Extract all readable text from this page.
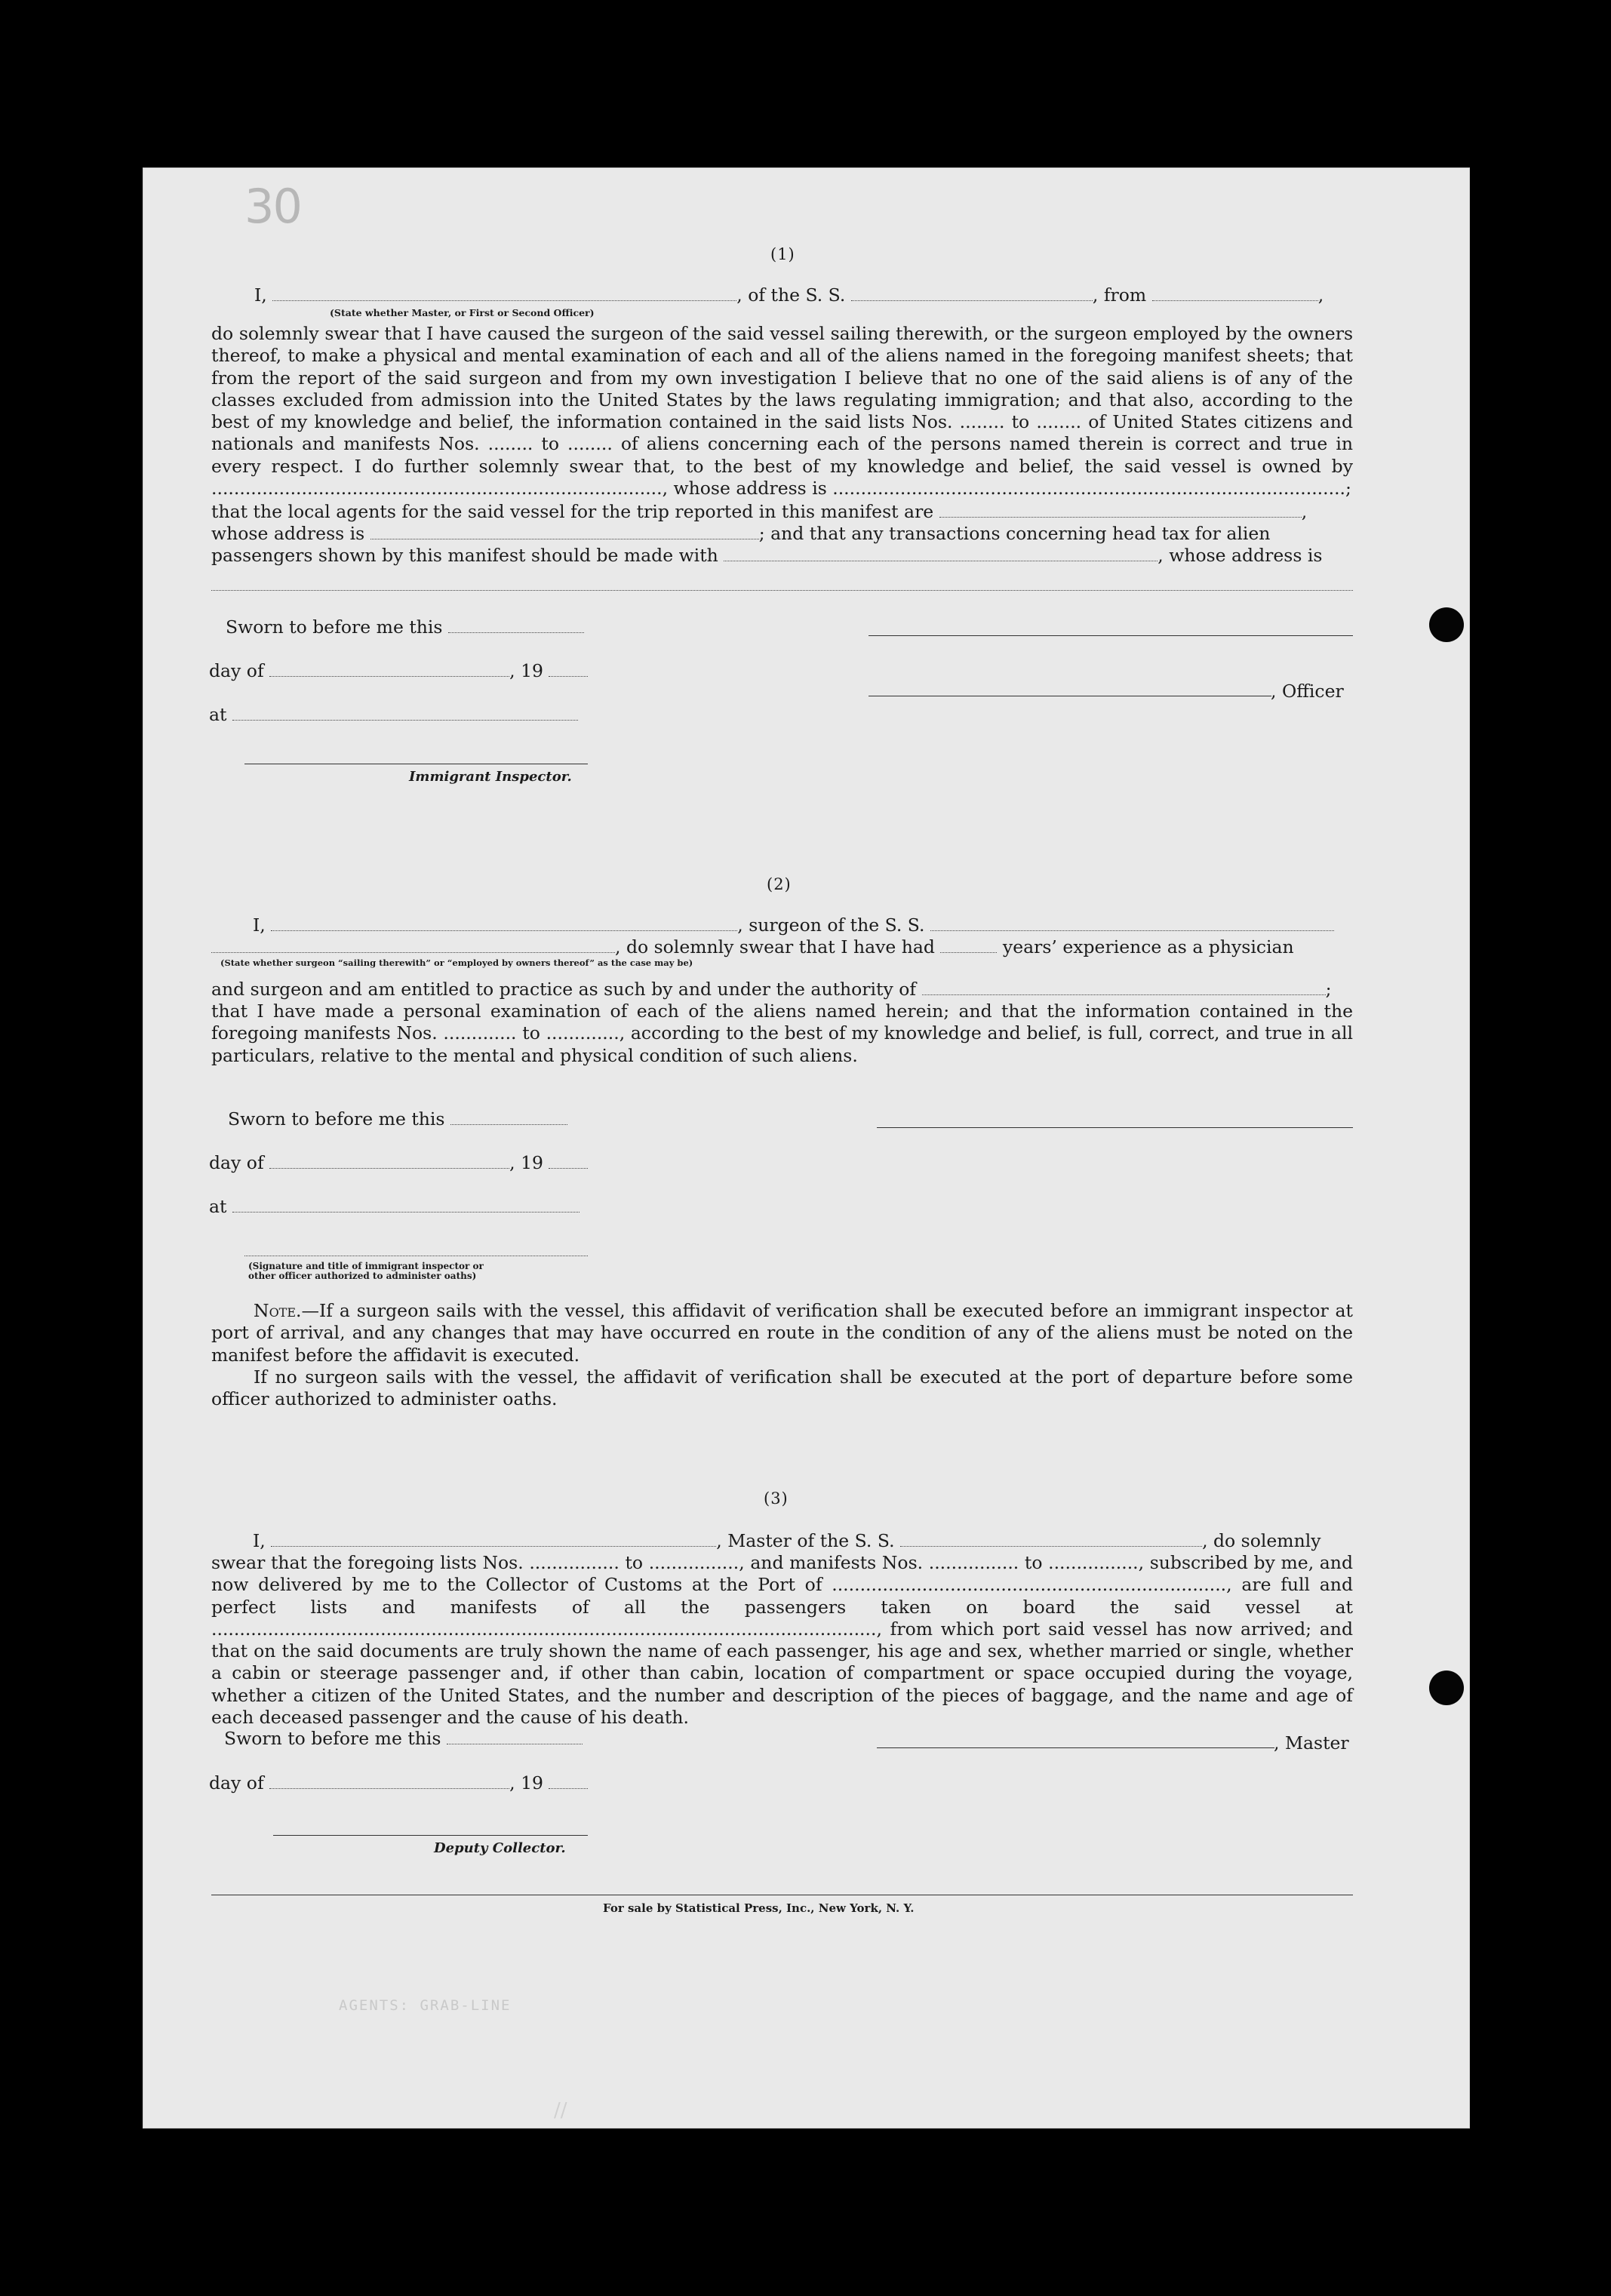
30
(1)
I,	, of the S. S.	, from	,
(State whether Master, or First or Second Officer)

do solemnly swear that I have caused the surgeon of the said vessel sailing therewith, or the surgeon employed by the owners thereof, to make a physical and mental examination of each and all of the aliens named in the foregoing manifest sheets; that from the report of the said surgeon and from my own investigation I believe that no one of the said aliens is of any of the classes excluded from admission into the United States by the laws regulating immigration; and that also, according to the best of my knowledge and belief, the information contained in the said lists Nos. ........ to ........ of United States citizens and nationals and manifests Nos. ........ to ........ of aliens concerning each of the persons named therein is correct and true in every respect. I do further solemnly swear that, to the best of my knowledge and belief, the said vessel is owned by ................................................................................, whose address is ...........................................................................................;

that the local agents for the said vessel for the trip reported in this manifest are	,
whose address is	; and that any transactions concerning head tax for alien
passengers shown by this manifest should be made with	, whose address is
Sworn to before me this
day of	, 19
, Officer
at
Immigrant Inspector.
(2)
I,	, surgeon of the S. S.
, do solemnly swear that I have had	years’ experience as a physician
(State whether surgeon “sailing therewith” or “employed by owners thereof” as the case may be)
and surgeon and am entitled to practice as such by and under the authority of	;

that I have made a personal examination of each of the aliens named herein; and that the information contained in the foregoing manifests Nos. ............. to ............., according to the best of my knowledge and belief, is full, correct, and true in all particulars, relative to the mental and physical condition of such aliens.

Sworn to before me this
day of	, 19
at
(Signature and title of immigrant inspector or
other officer authorized to administer oaths)

Note.—If a surgeon sails with the vessel, this affidavit of verification shall be executed before an immigrant inspector at port of arrival, and any changes that may have occurred en route in the condition of any of the aliens must be noted on the manifest before the affidavit is executed.

If no surgeon sails with the vessel, the affidavit of verification shall be executed at the port of departure before some officer authorized to administer oaths.

(3)
I,	, Master of the S. S.	, do solemnly

swear that the foregoing lists Nos. ................ to ................, and manifests Nos. ................ to ................, subscribed by me, and now delivered by me to the Collector of Customs at the Port of ......................................................................, are full and perfect lists and manifests of all the passengers taken on board the said vessel at ......................................................................................................................, from which port said vessel has now arrived; and that on the said documents are truly shown the name of each passenger, his age and sex, whether married or single, whether a cabin or steerage passenger and, if other than cabin, location of compartment or space occupied during the voyage, whether a citizen of the United States, and the number and description of the pieces of baggage, and the name and age of each deceased passenger and the cause of his death.

Sworn to before me this	, Master
day of	, 19
Deputy Collector.
For sale by Statistical Press, Inc., New York, N. Y.
AGENTS: GRAB-LINE
//
